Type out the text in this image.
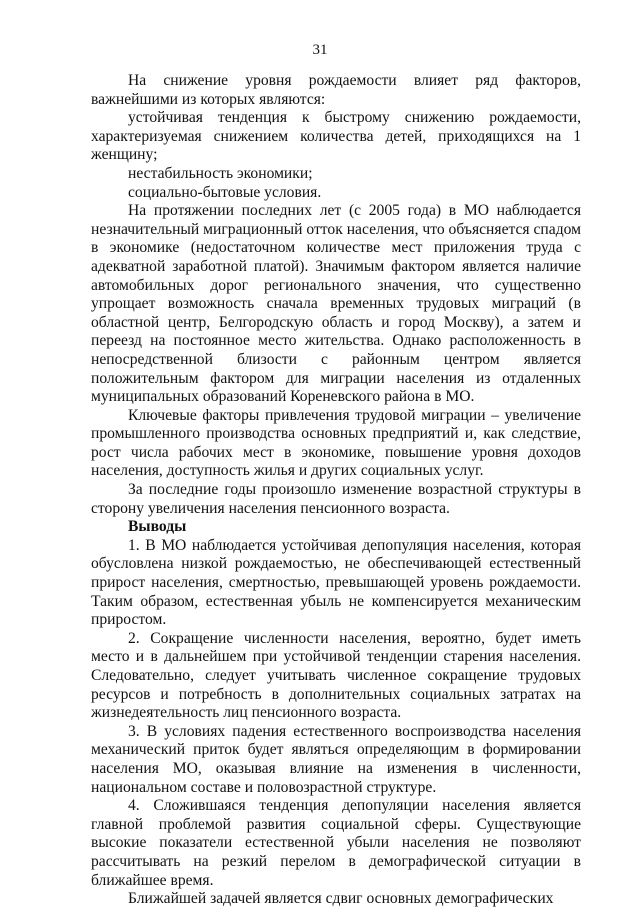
31

На снижение уровня рождаемости влияет ряд факторов, важнейшими из которых являются:

устойчивая тенденция к быстрому снижению рождаемости, характеризуемая снижением количества детей, приходящихся на 1 женщину;

нестабильность экономики;

социально-бытовые условия.

На протяжении последних лет (с 2005 года) в МО наблюдается незначительный миграционный отток населения, что объясняется спадом в экономике (недостаточном количестве мест приложения труда с адекватной заработной платой). Значимым фактором является наличие автомобильных дорог регионального значения, что существенно упрощает возможность сначала временных трудовых миграций (в областной центр, Белгородскую область и город Москву), а затем и переезд на постоянное место жительства. Однако расположенность в непосредственной близости с районным центром является положительным фактором для миграции населения из отдаленных муниципальных образований Кореневского района в МО.

Ключевые факторы привлечения трудовой миграции – увеличение промышленного производства основных предприятий и, как следствие, рост числа рабочих мест в экономике, повышение уровня доходов населения, доступность жилья и других социальных услуг.

За последние годы произошло изменение возрастной структуры в сторону увеличения населения пенсионного возраста.

Выводы

1. В МО наблюдается устойчивая депопуляция населения, которая обусловлена низкой рождаемостью, не обеспечивающей естественный прирост населения, смертностью, превышающей уровень рождаемости. Таким образом, естественная убыль не компенсируется механическим приростом.

2. Сокращение численности населения, вероятно, будет иметь место и в дальнейшем при устойчивой тенденции старения населения. Следовательно, следует учитывать численное сокращение трудовых ресурсов и потребность в дополнительных социальных затратах на жизнедеятельность лиц пенсионного возраста.

3. В условиях падения естественного воспроизводства населения механический приток будет являться определяющим в формировании населения МО, оказывая влияние на изменения в численности, национальном составе и половозрастной структуре.

4. Сложившаяся тенденция депопуляции населения является главной проблемой развития социальной сферы. Существующие высокие показатели естественной убыли населения не позволяют рассчитывать на резкий перелом в демографической ситуации в ближайшее время.

Ближайшей задачей является сдвиг основных демографических
